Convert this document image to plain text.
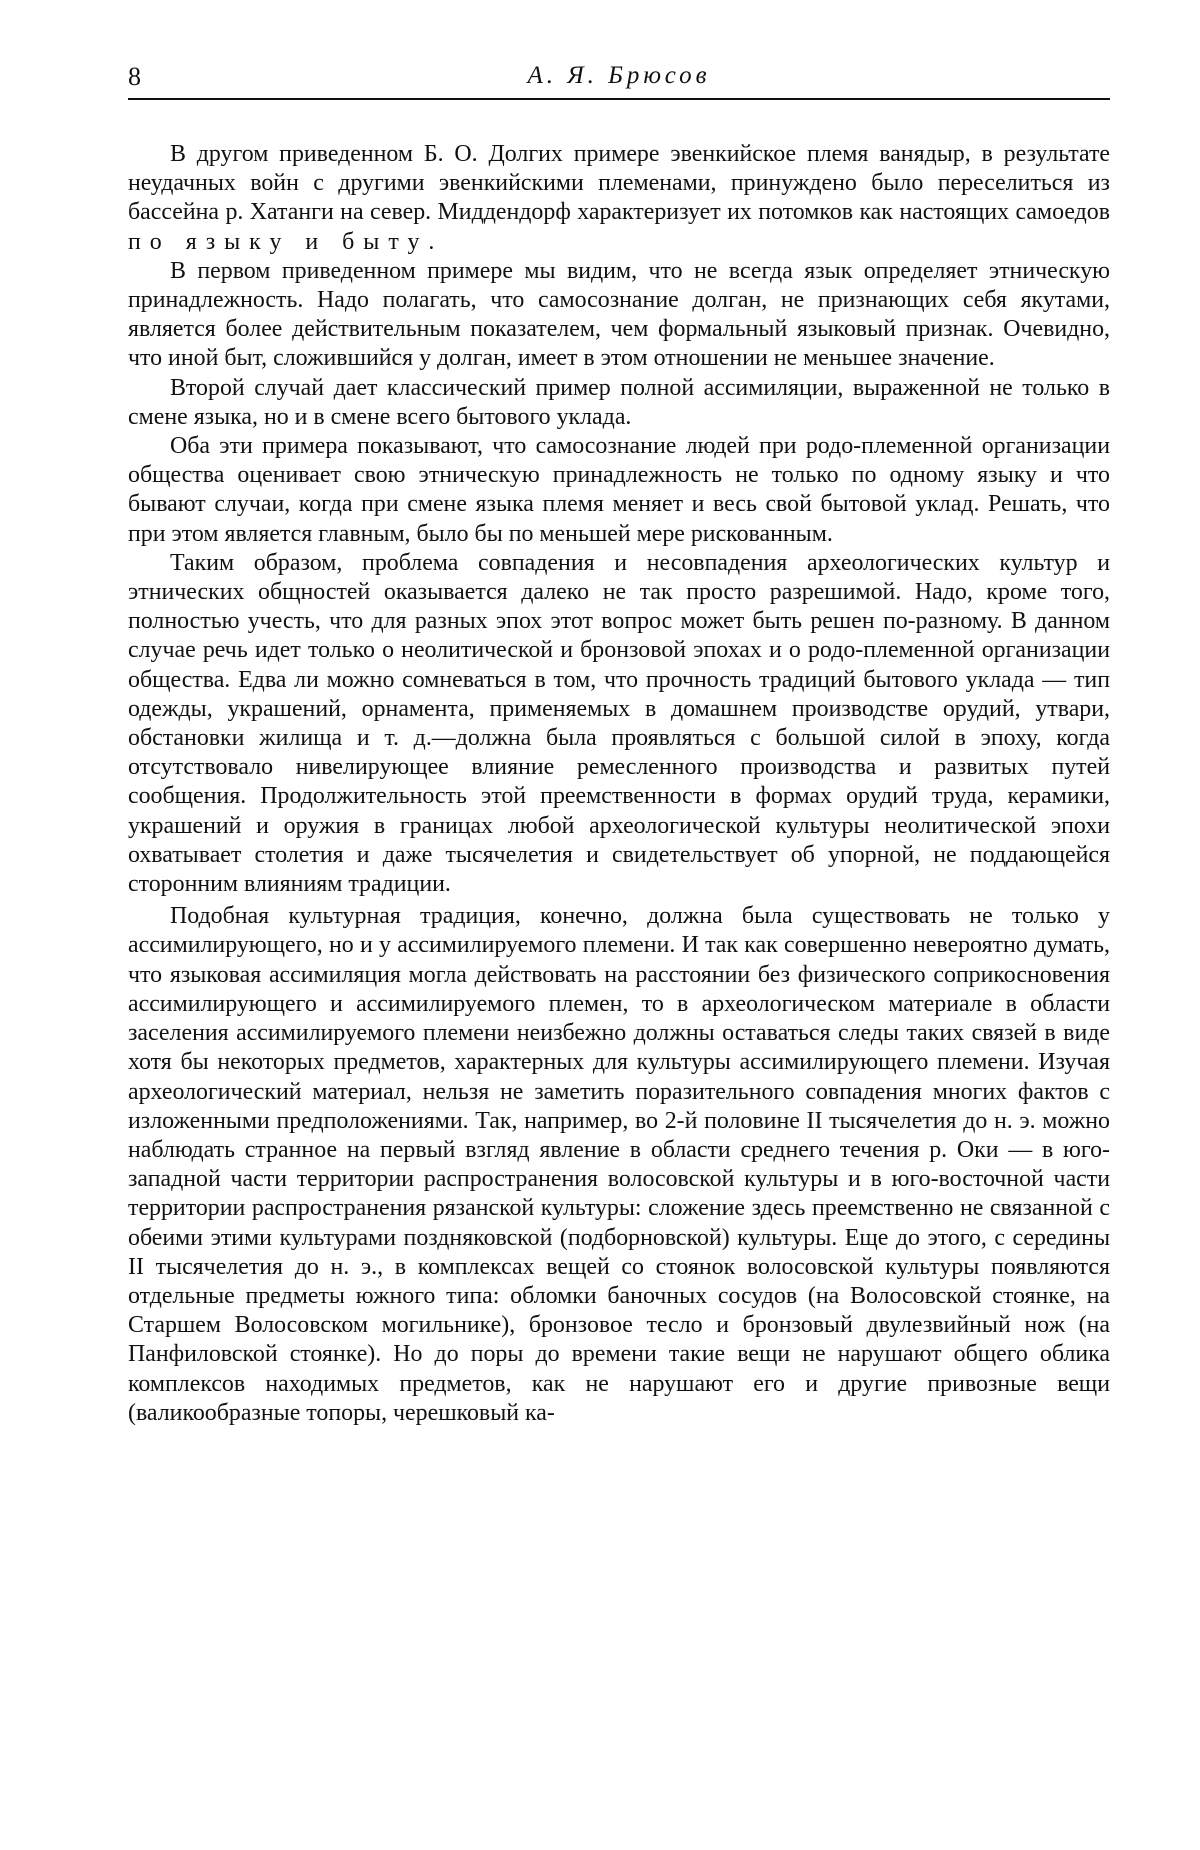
8	А. Я. Брюсов

В другом приведенном Б. О. Долгих примере эвенкийское племя ванядыр, в результате неудачных войн с другими эвенкийскими племенами, принуждено было переселиться из бассейна р. Хатанги на север. Миддендорф характеризует их потомков как настоящих самоедов по языку и быту.

В первом приведенном примере мы видим, что не всегда язык определяет этническую принадлежность. Надо полагать, что самосознание долган, не признающих себя якутами, является более действительным показателем, чем формальный языковый признак. Очевидно, что иной быт, сложившийся у долган, имеет в этом отношении не меньшее значение.

Второй случай дает классический пример полной ассимиляции, выраженной не только в смене языка, но и в смене всего бытового уклада.

Оба эти примера показывают, что самосознание людей при родо-племенной организации общества оценивает свою этническую принадлежность не только по одному языку и что бывают случаи, когда при смене языка племя меняет и весь свой бытовой уклад. Решать, что при этом является главным, было бы по меньшей мере рискованным.

Таким образом, проблема совпадения и несовпадения археологических культур и этнических общностей оказывается далеко не так просто разрешимой. Надо, кроме того, полностью учесть, что для разных эпох этот вопрос может быть решен по-разному. В данном случае речь идет только о неолитической и бронзовой эпохах и о родо-племенной организации общества. Едва ли можно сомневаться в том, что прочность традиций бытового уклада — тип одежды, украшений, орнамента, применяемых в домашнем производстве орудий, утвари, обстановки жилища и т. д.—должна была проявляться с большой силой в эпоху, когда отсутствовало нивелирующее влияние ремесленного производства и развитых путей сообщения. Продолжительность этой преемственности в формах орудий труда, керамики, украшений и оружия в границах любой археологической культуры неолитической эпохи охватывает столетия и даже тысячелетия и свидетельствует об упорной, не поддающейся сторонним влияниям традиции.

Подобная культурная традиция, конечно, должна была существовать не только у ассимилирующего, но и у ассимилируемого племени. И так как совершенно невероятно думать, что языковая ассимиляция могла действовать на расстоянии без физического соприкосновения ассимилирующего и ассимилируемого племен, то в археологическом материале в области заселения ассимилируемого племени неизбежно должны оставаться следы таких связей в виде хотя бы некоторых предметов, характерных для культуры ассимилирующего племени. Изучая археологический материал, нельзя не заметить поразительного совпадения многих фактов с изложенными предположениями. Так, например, во 2-й половине II тысячелетия до н. э. можно наблюдать странное на первый взгляд явление в области среднего течения р. Оки — в юго-западной части территории распространения волосовской культуры и в юго-восточной части территории распространения рязанской культуры: сложение здесь преемственно не связанной с обеими этими культурами поздняковской (подборновской) культуры. Еще до этого, с середины II тысячелетия до н. э., в комплексах вещей со стоянок волосовской культуры появляются отдельные предметы южного типа: обломки баночных сосудов (на Волосовской стоянке, на Старшем Волосовском могильнике), бронзовое тесло и бронзовый двулезвийный нож (на Панфиловской стоянке). Но до поры до времени такие вещи не нарушают общего облика комплексов находимых предметов, как не нарушают его и другие привозные вещи (валикообразные топоры, черешковый ка-
